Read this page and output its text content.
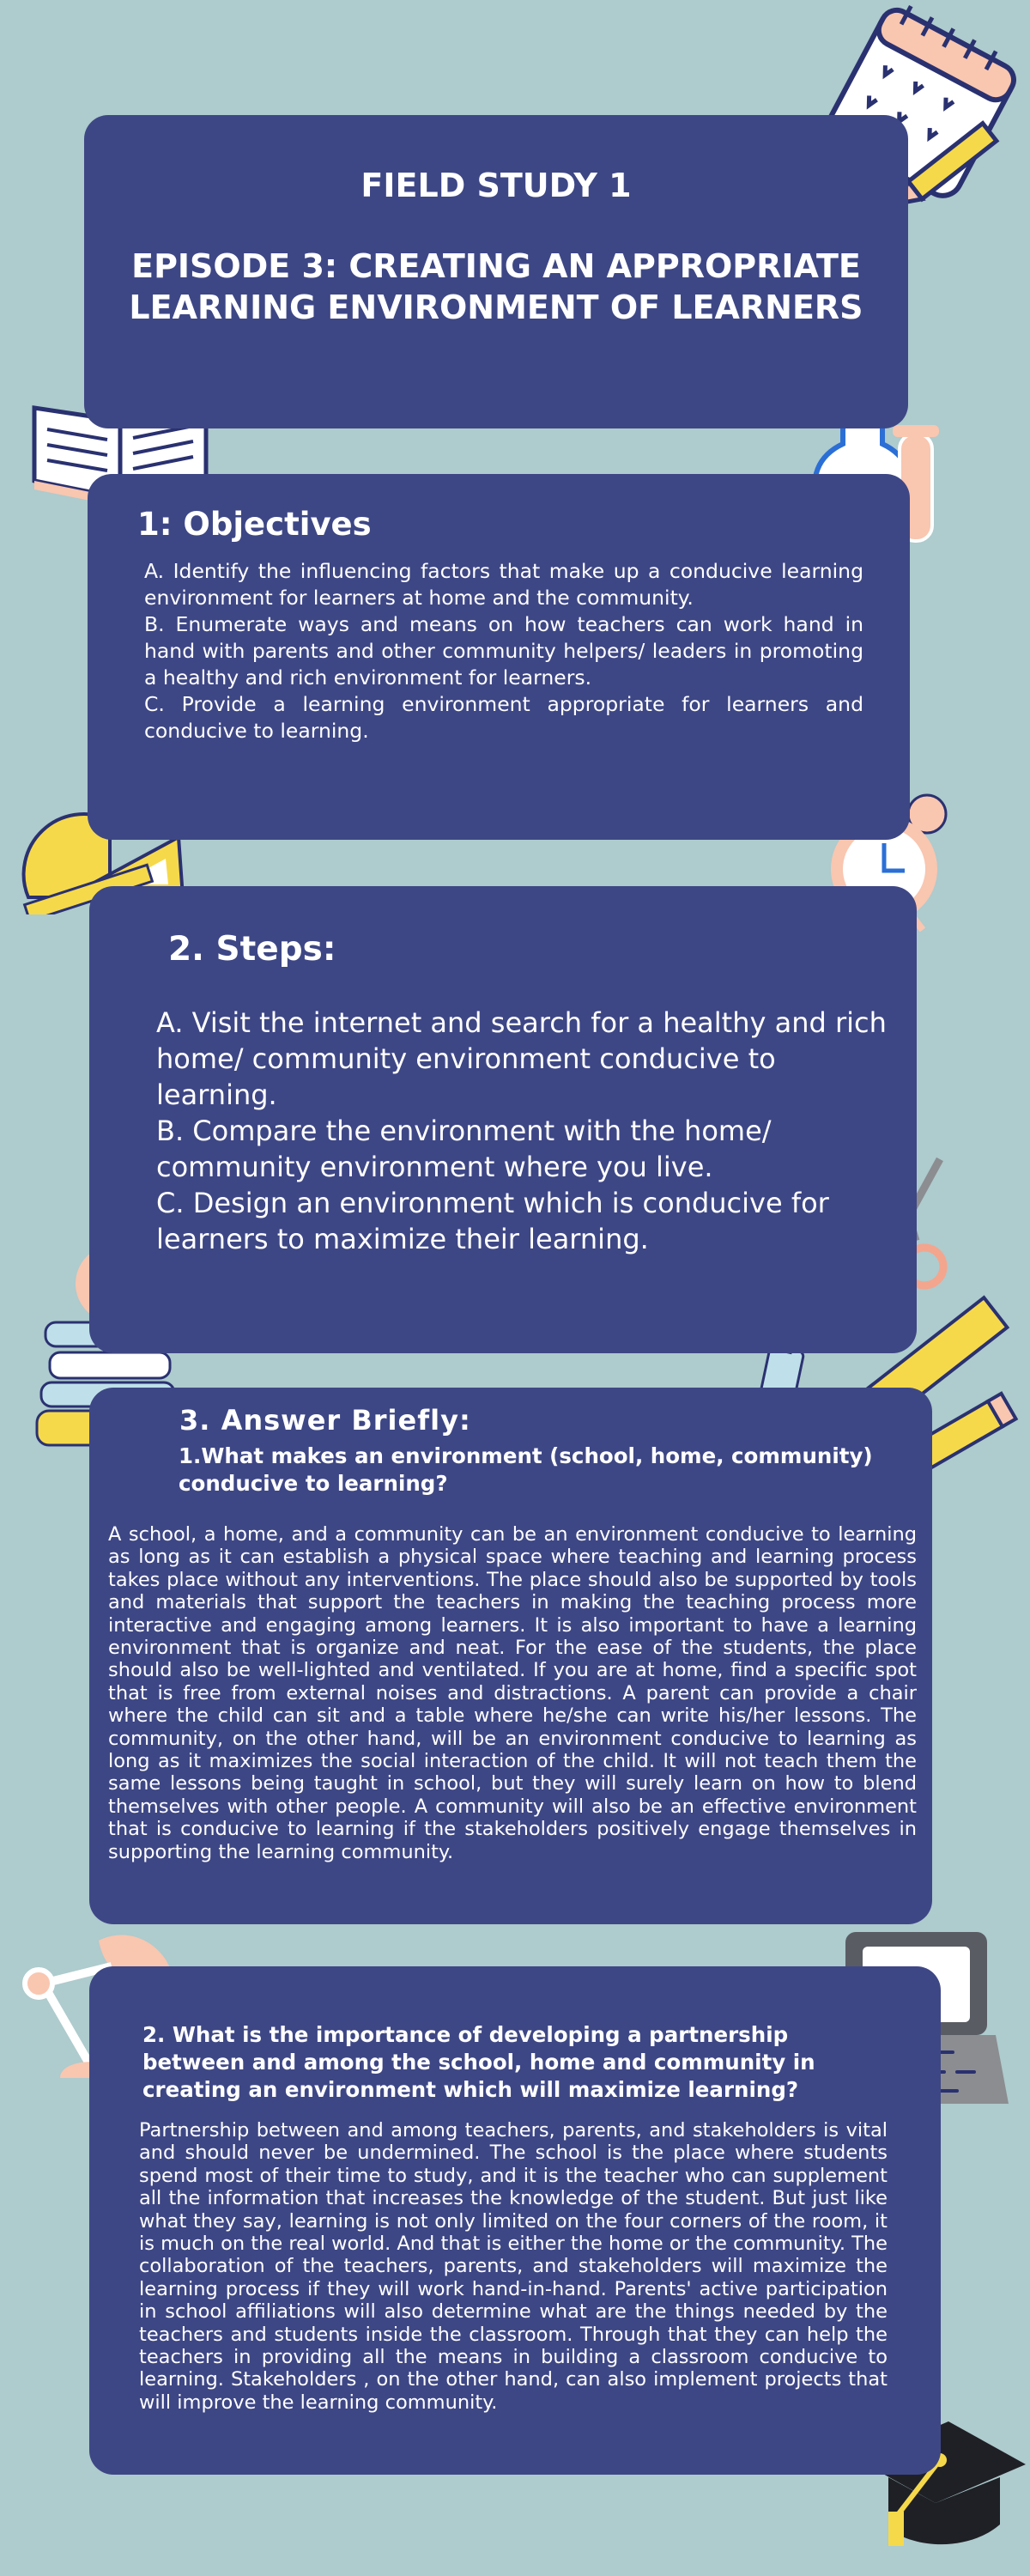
FIELD STUDY 1
EPISODE 3: CREATING AN APPROPRIATE LEARNING ENVIRONMENT OF LEARNERS
1: Objectives

A. Identify the influencing factors that make up a conducive learning environment for learners at home and the community.
B. Enumerate ways and means on how teachers can work hand in hand with parents and other community helpers/ leaders in promoting a healthy and rich environment for learners.
C. Provide a learning environment appropriate for learners and conducive to learning.

2. Steps:

A. Visit the internet and search for a healthy and rich home/ community environment conducive to learning.
B. Compare the environment with the home/ community environment where you live.
C. Design an environment which is conducive for learners to maximize their learning.

3. Answer Briefly:

1.What makes an environment (school, home, community) conducive to learning?

A school, a home, and a community can be an environment conducive to learning as long as it can establish a physical space where teaching and learning process takes place without any interventions. The place should also be supported by tools and materials that support the teachers in making the teaching process more interactive and engaging among learners. It is also important to have a learning environment that is organize and neat. For the ease of the students, the place should also be well-lighted and ventilated. If you are at home, find a specific spot that is free from external noises and distractions. A parent can provide a chair where the child can sit and a table where he/she can write his/her lessons. The community, on the other hand, will be an environment conducive to learning as long as it maximizes the social interaction of the child. It will not teach them the same lessons being taught in school, but they will surely learn on how to blend themselves with other people. A community will also be an effective environment that is conducive to learning if the stakeholders positively engage themselves in supporting the learning community.

2. What is the importance of developing a partnership between and among the school, home and community in creating an environment which will maximize learning?

Partnership between and among teachers, parents, and stakeholders is vital and should never be undermined. The school is the place where students spend most of their time to study, and it is the teacher who can supplement all the information that increases the knowledge of the student. But just like what they say, learning is not only limited on the four corners of the room, it is much on the real world. And that is either the home or the community. The collaboration of the teachers, parents, and stakeholders will maximize the learning process if they will work hand-in-hand. Parents' active participation in school affiliations will also determine what are the things needed by the teachers and students inside the classroom. Through that they can help the teachers in providing all the means in building a classroom conducive to learning. Stakeholders , on the other hand, can also implement projects that will improve the learning community.
